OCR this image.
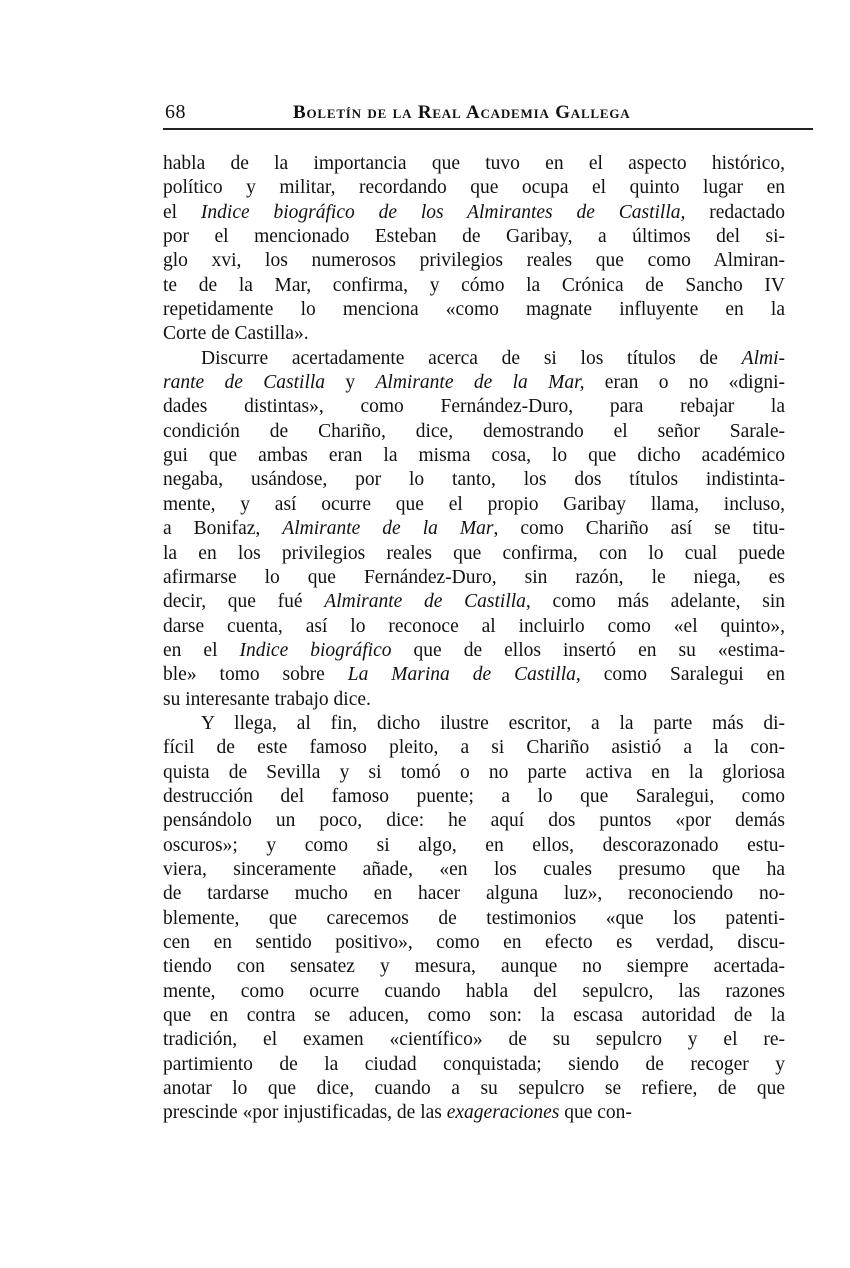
68	Boletín de la Real Academia Gallega
habla de la importancia que tuvo en el aspecto histórico,
político y militar, recordando que ocupa el quinto lugar en
el Indice biográfico de los Almirantes de Castilla, redactado
por el mencionado Esteban de Garibay, a últimos del si-
glo xvi, los numerosos privilegios reales que como Almiran-
te de la Mar, confirma, y cómo la Crónica de Sancho IV
repetidamente lo menciona «como magnate influyente en la
Corte de Castilla».
Discurre acertadamente acerca de si los títulos de Almi-
rante de Castilla y Almirante de la Mar, eran o no «digni-
dades distintas», como Fernández-Duro, para rebajar la
condición de Chariño, dice, demostrando el señor Sarale-
gui que ambas eran la misma cosa, lo que dicho académico
negaba, usándose, por lo tanto, los dos títulos indistinta-
mente, y así ocurre que el propio Garibay llama, incluso,
a Bonifaz, Almirante de la Mar, como Chariño así se titu-
la en los privilegios reales que confirma, con lo cual puede
afirmarse lo que Fernández-Duro, sin razón, le niega, es
decir, que fué Almirante de Castilla, como más adelante, sin
darse cuenta, así lo reconoce al incluirlo como «el quinto»,
en el Indice biográfico que de ellos insertó en su «estima-
ble» tomo sobre La Marina de Castilla, como Saralegui en
su interesante trabajo dice.
Y llega, al fin, dicho ilustre escritor, a la parte más di-
fícil de este famoso pleito, a si Chariño asistió a la con-
quista de Sevilla y si tomó o no parte activa en la gloriosa
destrucción del famoso puente; a lo que Saralegui, como
pensándolo un poco, dice: he aquí dos puntos «por demás
oscuros»; y como si algo, en ellos, descorazonado estu-
viera, sinceramente añade, «en los cuales presumo que ha
de tardarse mucho en hacer alguna luz», reconociendo no-
blemente, que carecemos de testimonios «que los patenti-
cen en sentido positivo», como en efecto es verdad, discu-
tiendo con sensatez y mesura, aunque no siempre acertada-
mente, como ocurre cuando habla del sepulcro, las razones
que en contra se aducen, como son: la escasa autoridad de la
tradición, el examen «científico» de su sepulcro y el re-
partimiento de la ciudad conquistada; siendo de recoger y
anotar lo que dice, cuando a su sepulcro se refiere, de que
prescinde «por injustificadas, de las exageraciones que con-
